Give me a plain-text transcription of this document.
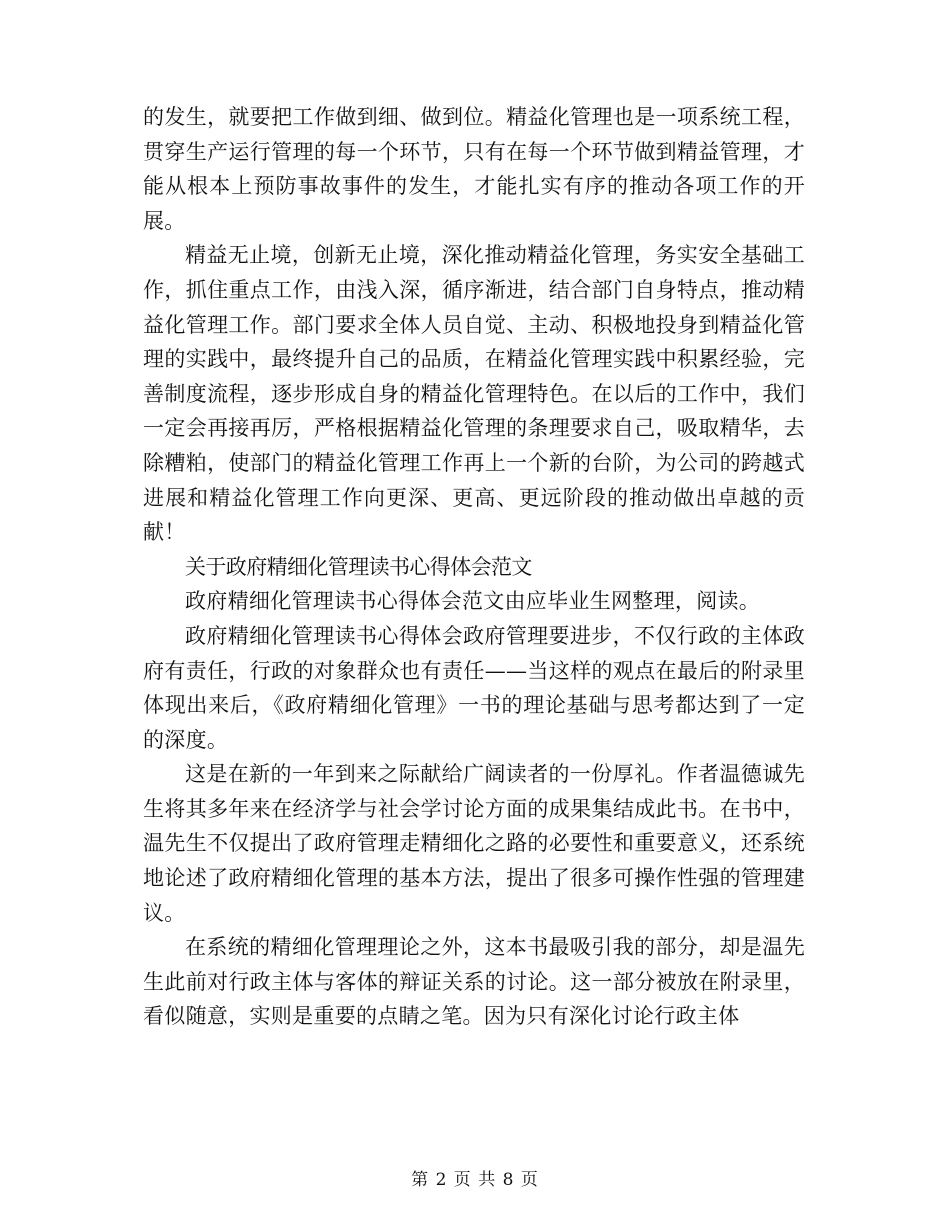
的发生，就要把工作做到细、做到位。精益化管理也是一项系统工程，贯穿生产运行管理的每一个环节，只有在每一个环节做到精益管理，才能从根本上预防事故事件的发生，才能扎实有序的推动各项工作的开展。

精益无止境，创新无止境，深化推动精益化管理，务实安全基础工作，抓住重点工作，由浅入深，循序渐进，结合部门自身特点，推动精益化管理工作。部门要求全体人员自觉、主动、积极地投身到精益化管理的实践中，最终提升自己的品质，在精益化管理实践中积累经验，完善制度流程，逐步形成自身的精益化管理特色。在以后的工作中，我们一定会再接再厉，严格根据精益化管理的条理要求自己，吸取精华，去除糟粕，使部门的精益化管理工作再上一个新的台阶，为公司的跨越式进展和精益化管理工作向更深、更高、更远阶段的推动做出卓越的贡献！

关于政府精细化管理读书心得体会范文

政府精细化管理读书心得体会范文由应毕业生网整理，阅读。

政府精细化管理读书心得体会政府管理要进步，不仅行政的主体政府有责任，行政的对象群众也有责任——当这样的观点在最后的附录里体现出来后，《政府精细化管理》一书的理论基础与思考都达到了一定的深度。

这是在新的一年到来之际献给广阔读者的一份厚礼。作者温德诚先生将其多年来在经济学与社会学讨论方面的成果集结成此书。在书中，温先生不仅提出了政府管理走精细化之路的必要性和重要意义，还系统地论述了政府精细化管理的基本方法，提出了很多可操作性强的管理建议。

在系统的精细化管理理论之外，这本书最吸引我的部分，却是温先生此前对行政主体与客体的辩证关系的讨论。这一部分被放在附录里，看似随意，实则是重要的点睛之笔。因为只有深化讨论行政主体

第 2 页 共 8 页
